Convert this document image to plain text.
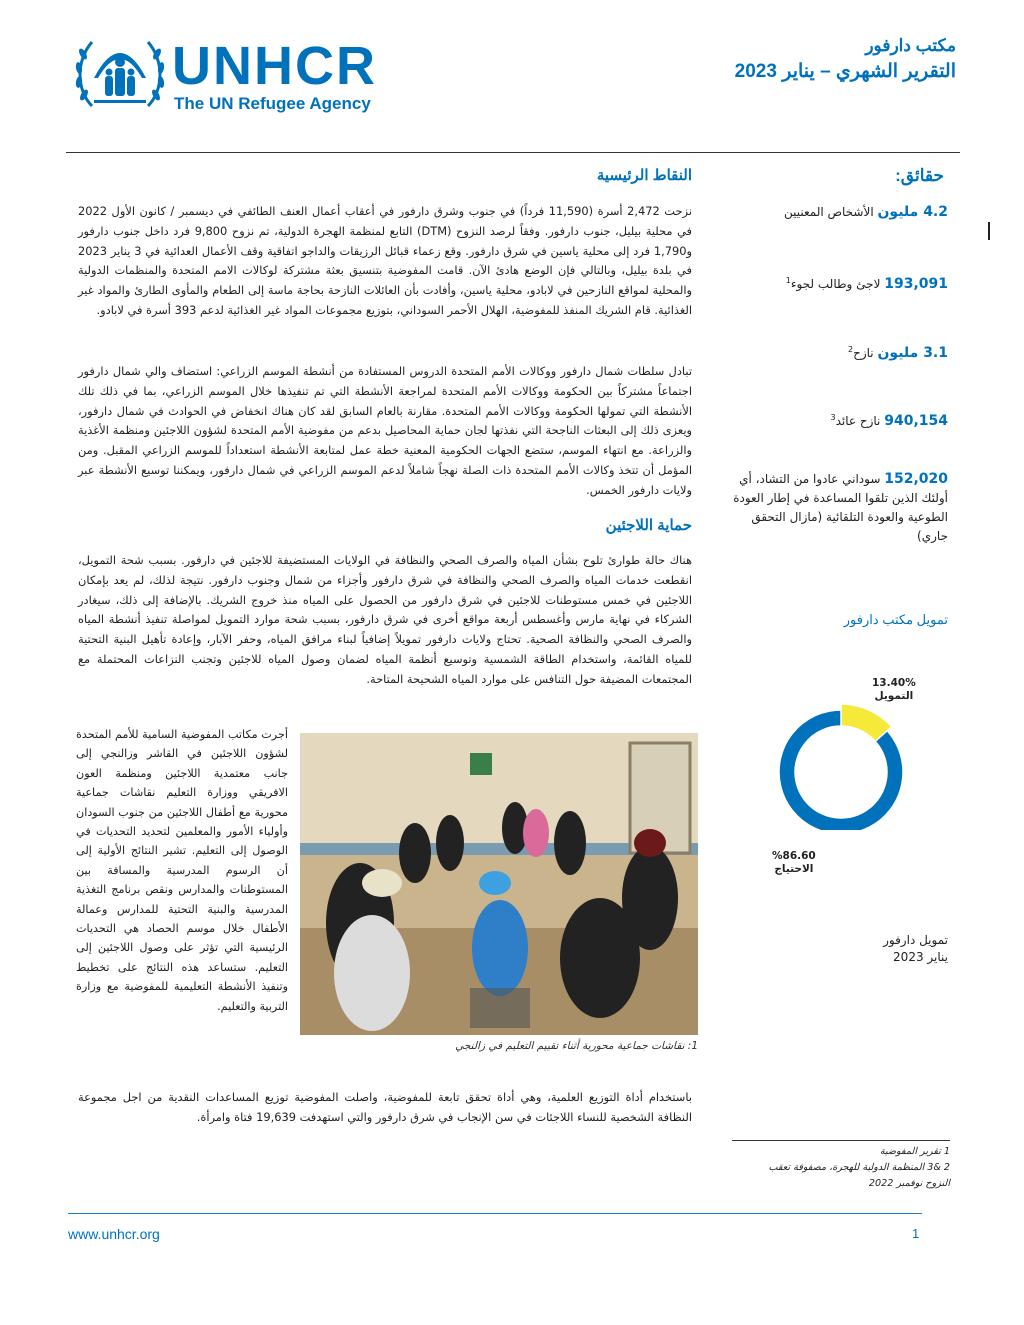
UNHCR
The UN Refugee Agency
مكتب دارفور
التقرير الشهري – يناير 2023
النقاط الرئيسية
نزحت 2,472 أسرة (11,590 فرداً) في جنوب وشرق دارفور في أعقاب أعمال العنف الطائفي في ديسمبر / كانون الأول 2022 في محلية بيليل، جنوب دارفور. وفقاً لرصد النزوح (DTM) التابع لمنظمة الهجرة الدولية، تم نزوح 9,800 فرد داخل جنوب دارفور و1,790 فرد إلى محلية ياسين في شرق دارفور. وقع زعماء قبائل الرزيقات والداجو اتفاقية وقف الأعمال العدائية في 3 يناير 2023 في بلدة بيليل، وبالتالي فإن الوضع هادئ الآن. قامت المفوضية بتنسيق بعثة مشتركة لوكالات الامم المتحدة والمنظمات الدولية والمحلية لمواقع النازحين في لابادو، محلية ياسين، وأفادت بأن العائلات النازحة بحاجة ماسة إلى الطعام والمأوى الطارئ والمواد غير الغذائية. قام الشريك المنفذ للمفوضية، الهلال الأحمر السوداني، بتوزيع مجموعات المواد غير الغذائية لدعم 393 أسرة في لابادو.
تبادل سلطات شمال دارفور ووكالات الأمم المتحدة الدروس المستفادة من أنشطة الموسم الزراعي: استضاف والي شمال دارفور اجتماعاً مشتركاً بين الحكومة ووكالات الأمم المتحدة لمراجعة الأنشطة التي تم تنفيذها خلال الموسم الزراعي، بما في ذلك تلك الأنشطة التي تمولها الحكومة ووكالات الأمم المتحدة. مقارنة بالعام السابق لقد كان هناك انخفاض في الحوادث في شمال دارفور، ويعزى ذلك إلى البعثات الناجحة التي نفذتها لجان حماية المحاصيل بدعم من مفوضية الأمم المتحدة لشؤون اللاجئين ومنظمة الأغذية والزراعة. مع انتهاء الموسم، ستضع الجهات الحكومية المعنية خطة عمل لمتابعة الأنشطة استعداداً للموسم الزراعي المقبل. ومن المؤمل أن تتخذ وكالات الأمم المتحدة ذات الصلة نهجاً شاملاً لدعم الموسم الزراعي في شمال دارفور، ويمكننا توسيع الأنشطة عبر ولايات دارفور الخمس.
حماية اللاجئين
هناك حالة طوارئ تلوح بشأن المياه والصرف الصحي والنظافة في الولايات المستضيفة للاجئين في دارفور. بسبب شحة التمويل، انقطعت خدمات المياه والصرف الصحي والنظافة في شرق دارفور وأجزاء من شمال وجنوب دارفور. نتيجة لذلك، لم يعد بإمكان اللاجئين في خمس مستوطنات للاجئين في شرق دارفور من الحصول على المياه منذ خروج الشريك. بالإضافة إلى ذلك، سيغادر الشركاء في نهاية مارس وأغسطس أربعة مواقع أخرى في شرق دارفور، بسبب شحة موارد التمويل لمواصلة تنفيذ أنشطة المياه والصرف الصحي والنظافة الصحية. تحتاج ولايات دارفور تمويلاً إضافياً لبناء مرافق المياه، وحفر الآبار، وإعادة تأهيل البنية التحتية للمياه القائمة، واستخدام الطاقة الشمسية وتوسيع أنظمة المياه لضمان وصول المياه للاجئين وتجنب النزاعات المحتملة مع المجتمعات المضيفة حول التنافس على موارد المياه الشحيحة المتاحة.
أجرت مكاتب المفوضية السامية للأمم المتحدة لشؤون اللاجئين في القاشر وزالنجي إلى جانب معتمدية اللاجئين ومنظمة العون الافريقي ووزارة التعليم نقاشات جماعية محورية مع أطفال اللاجئين من جنوب السودان وأولياء الأمور والمعلمين لتحديد التحديات في الوصول إلى التعليم. تشير النتائج الأولية إلى أن الرسوم المدرسية والمسافة بين المستوطنات والمدارس ونقص برنامج التغذية المدرسية والبنية التحتية للمدارس وعمالة الأطفال خلال موسم الحصاد هي التحديات الرئيسية التي تؤثر على وصول اللاجئين إلى التعليم. ستساعد هذه النتائج على تخطيط وتنفيذ الأنشطة التعليمية للمفوضية مع وزارة التربية والتعليم.
1: نقاشات جماعية محورية أثناء تقييم التعليم في زالنجي
باستخدام أداة التوزيع العلمية، وهي أداة تحقق تابعة للمفوضية، واصلت المفوضية توزيع المساعدات النقدية من اجل مجموعة النظافة الشخصية للنساء اللاجئات في سن الإنجاب في شرق دارفور والتي استهدفت 19,639 فتاة وامرأة.
حقائق:
4.2 مليون الأشخاص المعنيين
193,091 لاجئ وطالب لجوء$^1$
3.1 مليون نازح$^2$
940,154 نازح عائد$^3$
152,020 سوداني عادوا من التشاد، أي أولئك الذين تلقوا المساعدة في إطار العودة الطوعية والعودة التلقائية (مازال التحقق جاري)
تمويل مكتب دارفور
13.40%
التمويل
%86.60
الاحتياج
تمويل دارفور
يناير 2023
1 تقرير المفوضية
2 &3 المنظمة الدولية للهجرة، مصفوفة تعقب
النزوح نوفمبر 2022
www.unhcr.org	1
